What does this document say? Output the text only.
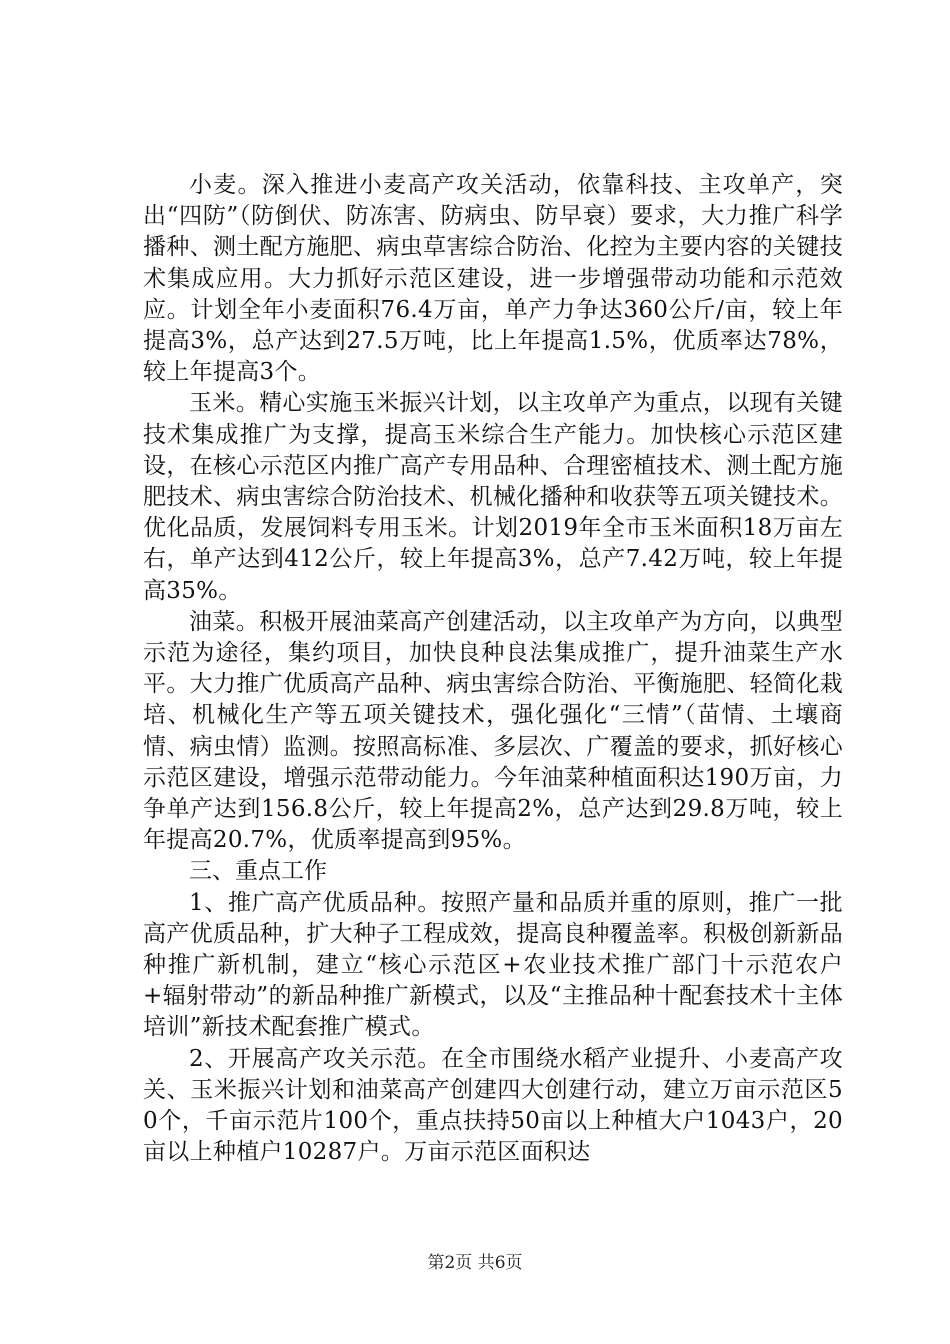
小麦。深入推进小麦高产攻关活动，依靠科技、主攻单产，突出“四防”（防倒伏、防冻害、防病虫、防早衰）要求，大力推广科学播种、测土配方施肥、病虫草害综合防治、化控为主要内容的关键技术集成应用。大力抓好示范区建设，进一步增强带动功能和示范效应。计划全年小麦面积76.4万亩，单产力争达360公斤/亩，较上年提高3%，总产达到27.5万吨，比上年提高1.5%，优质率达78%，较上年提高3个。

玉米。精心实施玉米振兴计划，以主攻单产为重点，以现有关键技术集成推广为支撑，提高玉米综合生产能力。加快核心示范区建设，在核心示范区内推广高产专用品种、合理密植技术、测土配方施肥技术、病虫害综合防治技术、机械化播种和收获等五项关键技术。优化品质，发展饲料专用玉米。计划2019年全市玉米面积18万亩左右，单产达到412公斤，较上年提高3%，总产7.42万吨，较上年提高35%。

油菜。积极开展油菜高产创建活动，以主攻单产为方向，以典型示范为途径，集约项目，加快良种良法集成推广，提升油菜生产水平。大力推广优质高产品种、病虫害综合防治、平衡施肥、轻简化栽培、机械化生产等五项关键技术，强化强化“三情”（苗情、土壤商情、病虫情）监测。按照高标准、多层次、广覆盖的要求，抓好核心示范区建设，增强示范带动能力。今年油菜种植面积达190万亩，力争单产达到156.8公斤，较上年提高2%，总产达到29.8万吨，较上年提高20.7%，优质率提高到95%。

三、重点工作

1、推广高产优质品种。按照产量和品质并重的原则，推广一批高产优质品种，扩大种子工程成效，提高良种覆盖率。积极创新新品种推广新机制，建立“核心示范区+农业技术推广部门十示范农户+辐射带动”的新品种推广新模式，以及“主推品种十配套技术十主体培训”新技术配套推广模式。

2、开展高产攻关示范。在全市围绕水稻产业提升、小麦高产攻关、玉米振兴计划和油菜高产创建四大创建行动，建立万亩示范区50个，千亩示范片100个，重点扶持50亩以上种植大户1043户，20亩以上种植户10287户。万亩示范区面积达

第2页 共6页
